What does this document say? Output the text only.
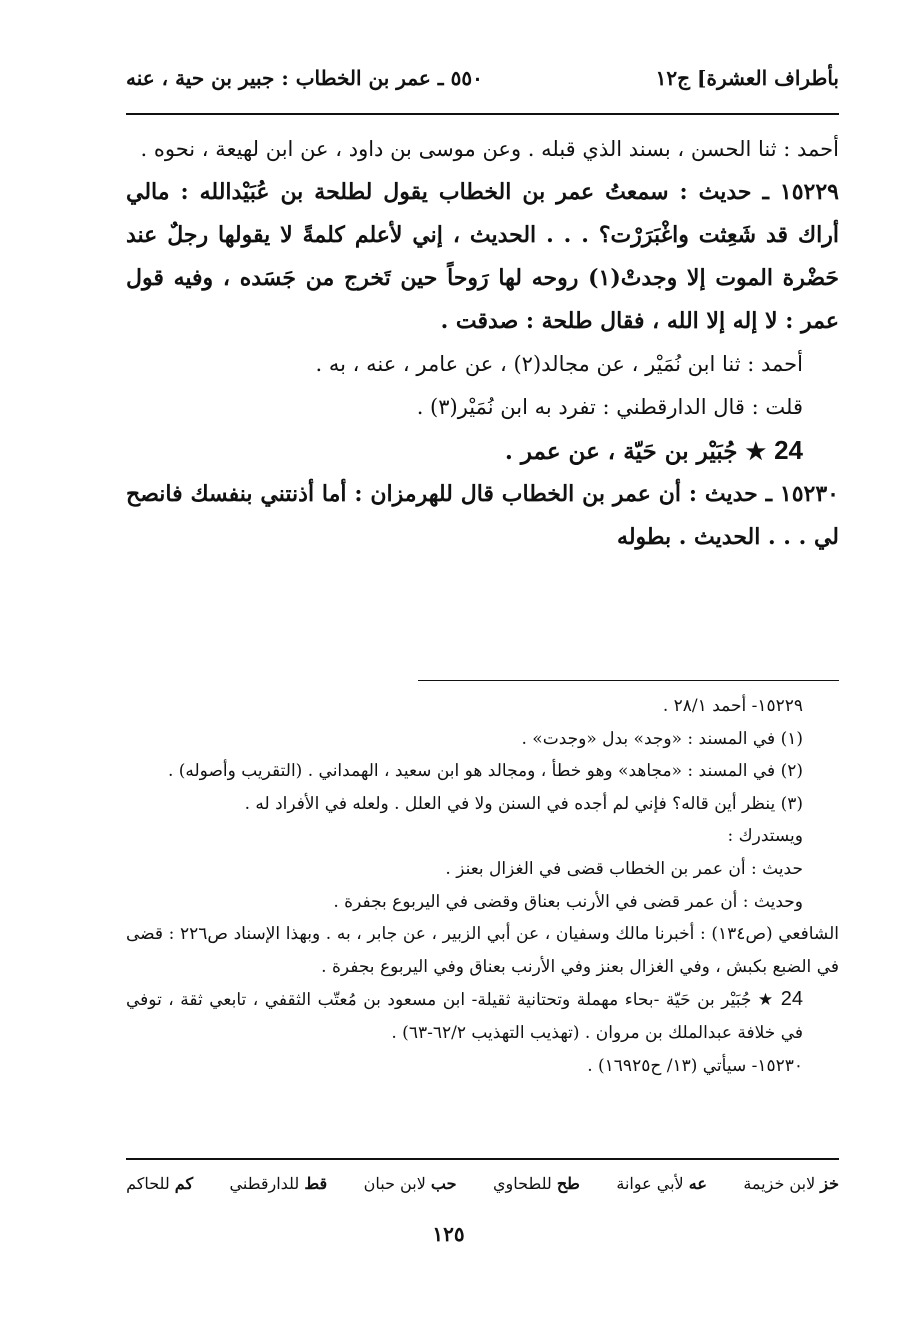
بأطراف العشرة] ج١٢
٥٥٠ ـ عمر بن الخطاب : جبير بن حية ، عنه

أحمد : ثنا الحسن ، بسند الذي قبله . وعن موسى بن داود ، عن ابن لهيعة ، نحوه .

١٥٢٢٩ ـ حديث : سمعتُ عمر بن الخطاب يقول لطلحة بن عُبَيْدالله : مالي أراك قد شَعِثت واغْبَرَرْت؟ . . . الحديث ، إني لأعلم كلمةً لا يقولها رجلٌ عند حَضْرة الموت إلا وجدتْ(١) روحه لها رَوحاً حين تَخرج من جَسَده ، وفيه قول عمر : لا إله إلا الله ، فقال طلحة : صدقت .

أحمد : ثنا ابن نُمَيْر ، عن مجالد(٢) ، عن عامر ، عنه ، به .

قلت : قال الدارقطني : تفرد به ابن نُمَيْر(٣) .

24 ★ جُبَيْر بن حَيّة ، عن عمر .

١٥٢٣٠ ـ حديث : أن عمر بن الخطاب قال للهرمزان : أما أذنتني بنفسك فانصح لي . . . الحديث . بطوله

١٥٢٢٩- أحمد ٢٨/١ .

(١) في المسند : «وجد» بدل «وجدت» .

(٢) في المسند : «مجاهد» وهو خطأ ، ومجالد هو ابن سعيد ، الهمداني . (التقريب وأصوله) .

(٣) ينظر أين قاله؟ فإني لم أجده في السنن ولا في العلل . ولعله في الأفراد له .

ويستدرك :

حديث : أن عمر بن الخطاب قضى في الغزال بعنز .

وحديث : أن عمر قضى في الأرنب بعناق وقضى في اليربوع بجفرة .

الشافعي (ص١٣٤) : أخبرنا مالك وسفيان ، عن أبي الزبير ، عن جابر ، به . وبهذا الإسناد ص٢٢٦ : قضى في الضبع بكبش ، وفي الغزال بعنز وفي الأرنب بعناق وفي اليربوع بجفرة .

24 ★ جُبَيْر بن حَيّة -بحاء مهملة وتحتانية ثقيلة- ابن مسعود بن مُعتّب الثقفي ، تابعي ثقة ، توفي في خلافة عبدالملك بن مروان . (تهذيب التهذيب ٦٢/٢-٦٣) .

١٥٢٣٠- سيأتي (١٣/ ح١٦٩٢٥) .

خز لابن خزيمة
عه لأبي عوانة
طح للطحاوي
حب لابن حبان
قط للدارقطني
كم للحاكم
١٢٥
